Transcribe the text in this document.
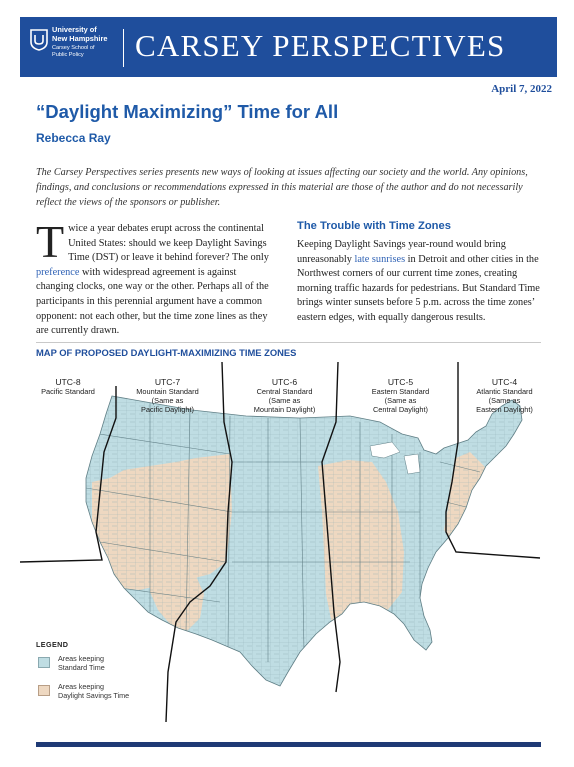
University of
New Hampshire
Carsey School of
Public Policy	CARSEY PERSPECTIVES
April 7, 2022
“Daylight Maximizing” Time for All
Rebecca Ray
The Carsey Perspectives series presents new ways of looking at issues affecting our society and the world. Any opinions, findings, and conclusions or recommendations expressed in this material are those of the author and do not necessarily reflect the views of the sponsors or publisher.
T wice a year debates erupt across the continental United States: should we keep Daylight Savings Time (DST) or leave it behind forever? The only preference with widespread agreement is against changing clocks, one way or the other. Perhaps all of the participants in this perennial argument have a common opponent: not each other, but the time zone lines as they are currently drawn.
The Trouble with Time Zones
Keeping Daylight Savings year-round would bring unreasonably late sunrises in Detroit and other cities in the Northwest corners of our current time zones, creating morning traffic hazards for pedestrians. But Standard Time brings winter sunsets before 5 p.m. across the time zones’ eastern edges, with equally dangerous results.
MAP OF PROPOSED DAYLIGHT-MAXIMIZING TIME ZONES
UTC-8
Pacific Standard
UTC-7
Mountain Standard
(Same as
Pacific Daylight)
UTC-6
Central Standard
(Same as
Mountain Daylight)
UTC-5
Eastern Standard
(Same as
Central Daylight)
UTC-4
Atlantic Standard
(Same as
Eastern Daylight)
LEGEND
Areas keeping
Standard Time
Areas keeping
Daylight Savings Time
